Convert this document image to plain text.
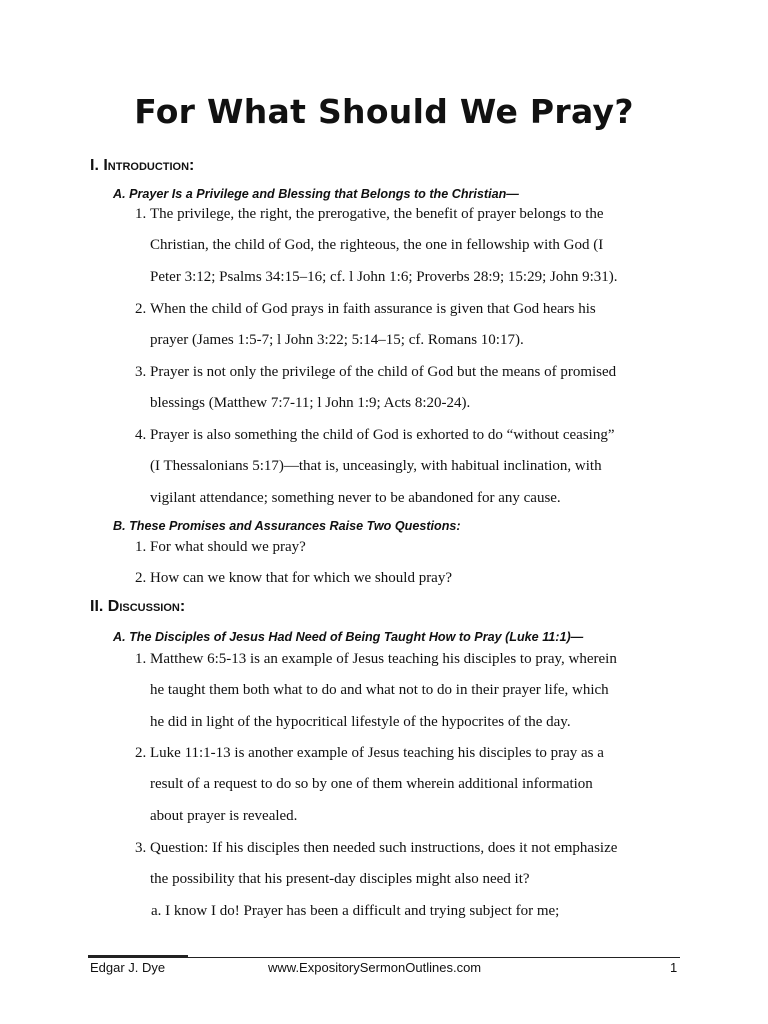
For What Should We Pray?
I. Introduction:
A. Prayer Is a Privilege and Blessing that Belongs to the Christian—
1. The privilege, the right, the prerogative, the benefit of prayer belongs to the
Christian, the child of God, the righteous, the one in fellowship with God (I
Peter 3:12; Psalms 34:15–16; cf. l John 1:6; Proverbs 28:9; 15:29; John 9:31).
2. When the child of God prays in faith assurance is given that God hears his
prayer (James 1:5-7; l John 3:22; 5:14–15; cf. Romans 10:17).
3. Prayer is not only the privilege of the child of God but the means of promised
blessings (Matthew 7:7-11; l John 1:9; Acts 8:20-24).
4. Prayer is also something the child of God is exhorted to do “without ceasing”
(I Thessalonians 5:17)—that is, unceasingly, with habitual inclination, with
vigilant attendance; something never to be abandoned for any cause.
B. These Promises and Assurances Raise Two Questions:
1. For what should we pray?
2. How can we know that for which we should pray?
II. Discussion:
A. The Disciples of Jesus Had Need of Being Taught How to Pray (Luke 11:1)—
1. Matthew 6:5-13 is an example of Jesus teaching his disciples to pray, wherein
he taught them both what to do and what not to do in their prayer life, which
he did in light of the hypocritical lifestyle of the hypocrites of the day.
2. Luke 11:1-13 is another example of Jesus teaching his disciples to pray as a
result of a request to do so by one of them wherein additional information
about prayer is revealed.
3. Question: If his disciples then needed such instructions, does it not emphasize
the possibility that his present-day disciples might also need it?

a. I know I do! Prayer has been a difficult and trying subject for me;

Edgar J. Dye	www.ExpositorySermonOutlines.com	1
